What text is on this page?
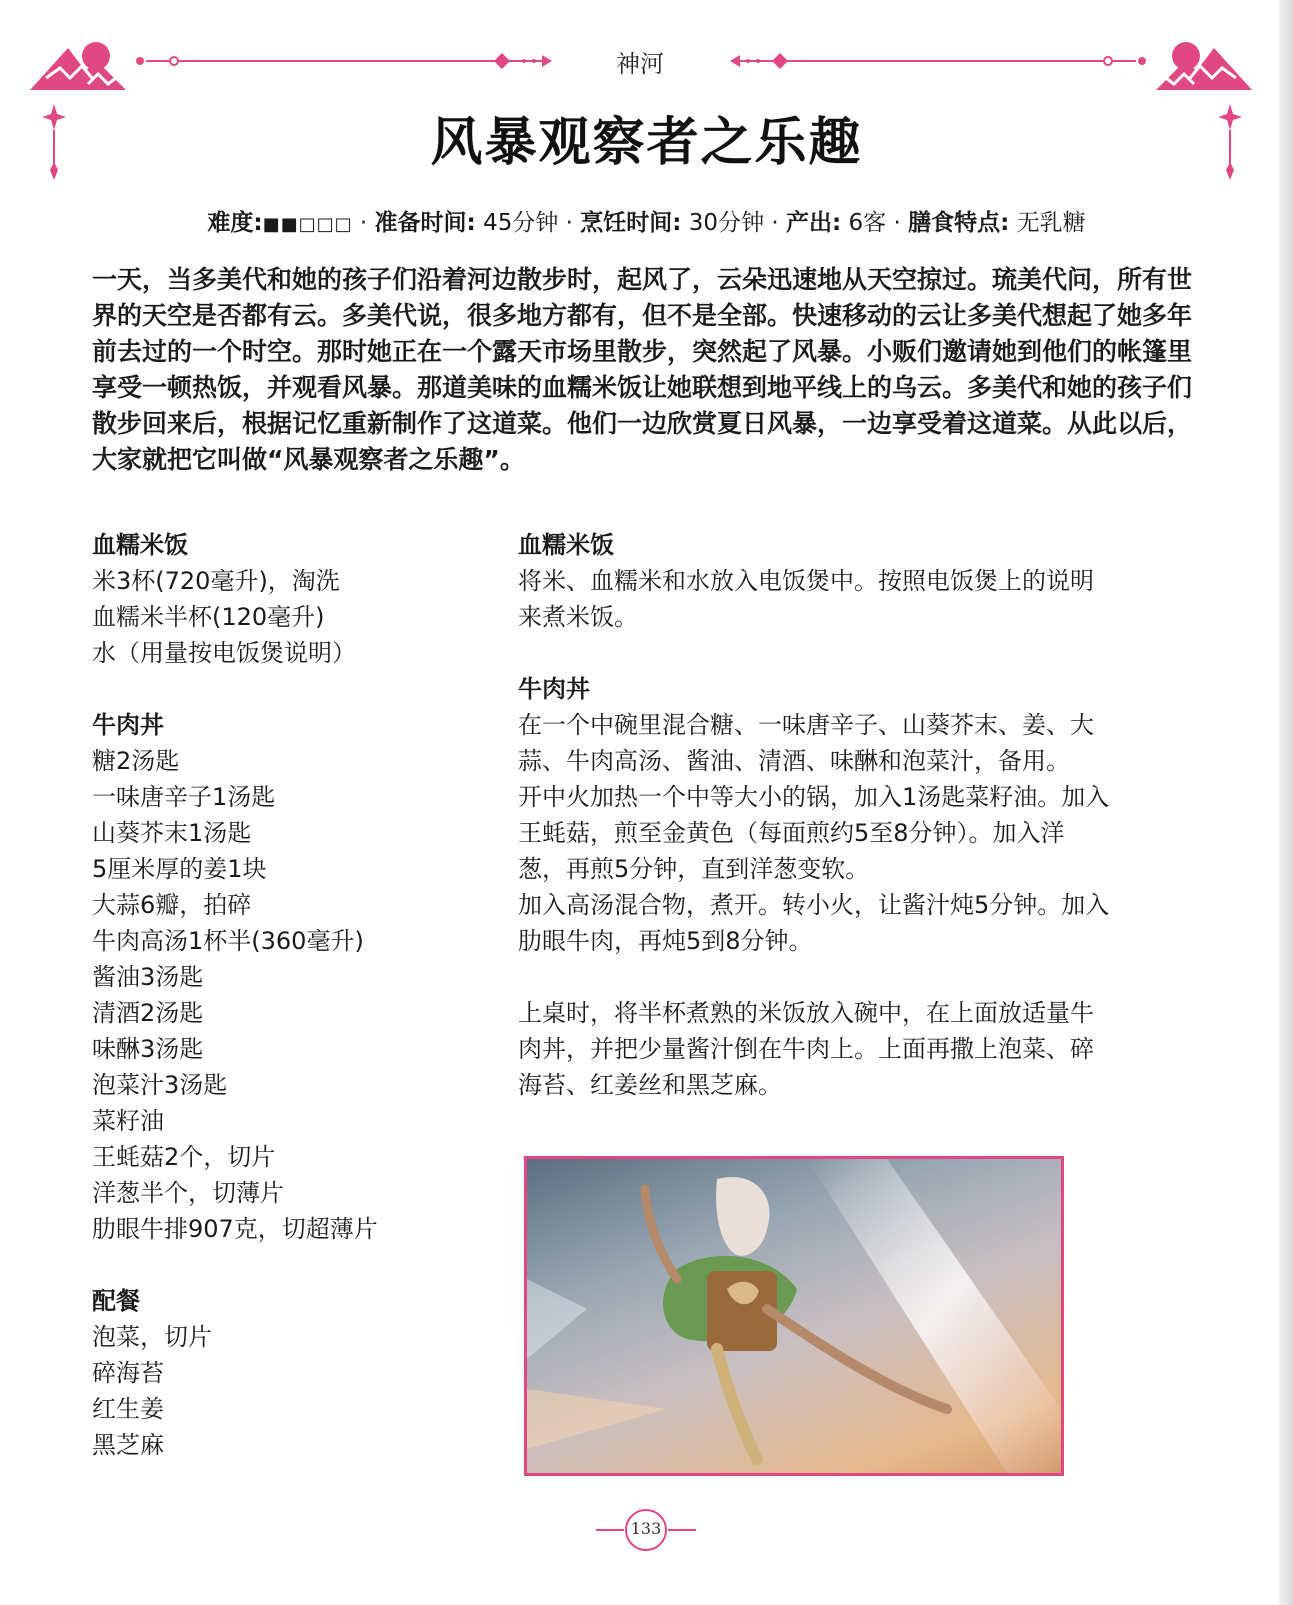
神河
风暴观察者之乐趣
难度:■■□□□ · 准备时间: 45分钟 · 烹饪时间: 30分钟 · 产出: 6客 · 膳食特点: 无乳糖

一天，当多美代和她的孩子们沿着河边散步时，起风了，云朵迅速地从天空掠过。琉美代问，所有世界的天空是否都有云。多美代说，很多地方都有，但不是全部。快速移动的云让多美代想起了她多年前去过的一个时空。那时她正在一个露天市场里散步，突然起了风暴。小贩们邀请她到他们的帐篷里享受一顿热饭，并观看风暴。那道美味的血糯米饭让她联想到地平线上的乌云。多美代和她的孩子们散步回来后，根据记忆重新制作了这道菜。他们一边欣赏夏日风暴，一边享受着这道菜。从此以后，大家就把它叫做“风暴观察者之乐趣”。

血糯米饭
米3杯(720毫升)，淘洗
血糯米半杯(120毫升)
水（用量按电饭煲说明）
牛肉丼
糖2汤匙
一味唐辛子1汤匙
山葵芥末1汤匙
5厘米厚的姜1块
大蒜6瓣，拍碎
牛肉高汤1杯半(360毫升)
酱油3汤匙
清酒2汤匙
味醂3汤匙
泡菜汁3汤匙
菜籽油
王蚝菇2个，切片
洋葱半个，切薄片
肋眼牛排907克，切超薄片
配餐
泡菜，切片
碎海苔
红生姜
黑芝麻
血糯米饭
将米、血糯米和水放入电饭煲中。按照电饭煲上的说明
来煮米饭。
牛肉丼
在一个中碗里混合糖、一味唐辛子、山葵芥末、姜、大
蒜、牛肉高汤、酱油、清酒、味醂和泡菜汁，备用。
开中火加热一个中等大小的锅，加入1汤匙菜籽油。加入
王蚝菇，煎至金黄色（每面煎约5至8分钟）。加入洋
葱，再煎5分钟，直到洋葱变软。
加入高汤混合物，煮开。转小火，让酱汁炖5分钟。加入
肋眼牛肉，再炖5到8分钟。
上桌时，将半杯煮熟的米饭放入碗中，在上面放适量牛
肉丼，并把少量酱汁倒在牛肉上。上面再撒上泡菜、碎
海苔、红姜丝和黑芝麻。
133
